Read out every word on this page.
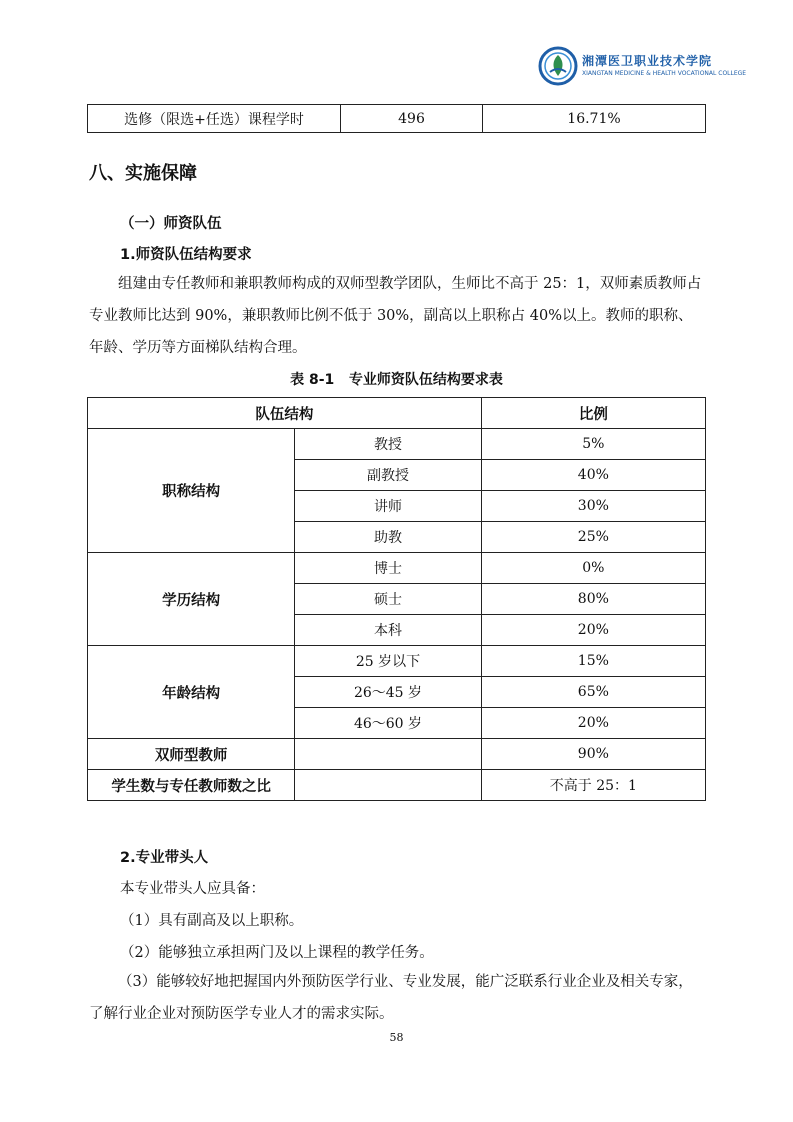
湘潭医卫职业技术学院
XIANGTAN MEDICINE & HEALTH VOCATIONAL COLLEGE
选修（限选+任选）课程学时	496	16.71%
八、实施保障
（一）师资队伍
1.师资队伍结构要求
组建由专任教师和兼职教师构成的双师型教学团队，生师比不高于 25：1，双师素质教师占专业教师比达到 90%，兼职教师比例不低于 30%，副高以上职称占 40%以上。教师的职称、年龄、学历等方面梯队结构合理。
表 8-1   专业师资队伍结构要求表
队伍结构		比例
职称结构	教授	5%
	副教授	40%
	讲师	30%
	助教	25%
学历结构	博士	0%
	硕士	80%
	本科	20%
年龄结构	25 岁以下	15%
	26～45 岁	65%
	46～60 岁	20%
双师型教师		90%
学生数与专任教师数之比		不高于 25：1
2.专业带头人
本专业带头人应具备：
（1）具有副高及以上职称。
（2）能够独立承担两门及以上课程的教学任务。
（3）能够较好地把握国内外预防医学行业、专业发展，能广泛联系行业企业及相关专家，了解行业企业对预防医学专业人才的需求实际。
58
